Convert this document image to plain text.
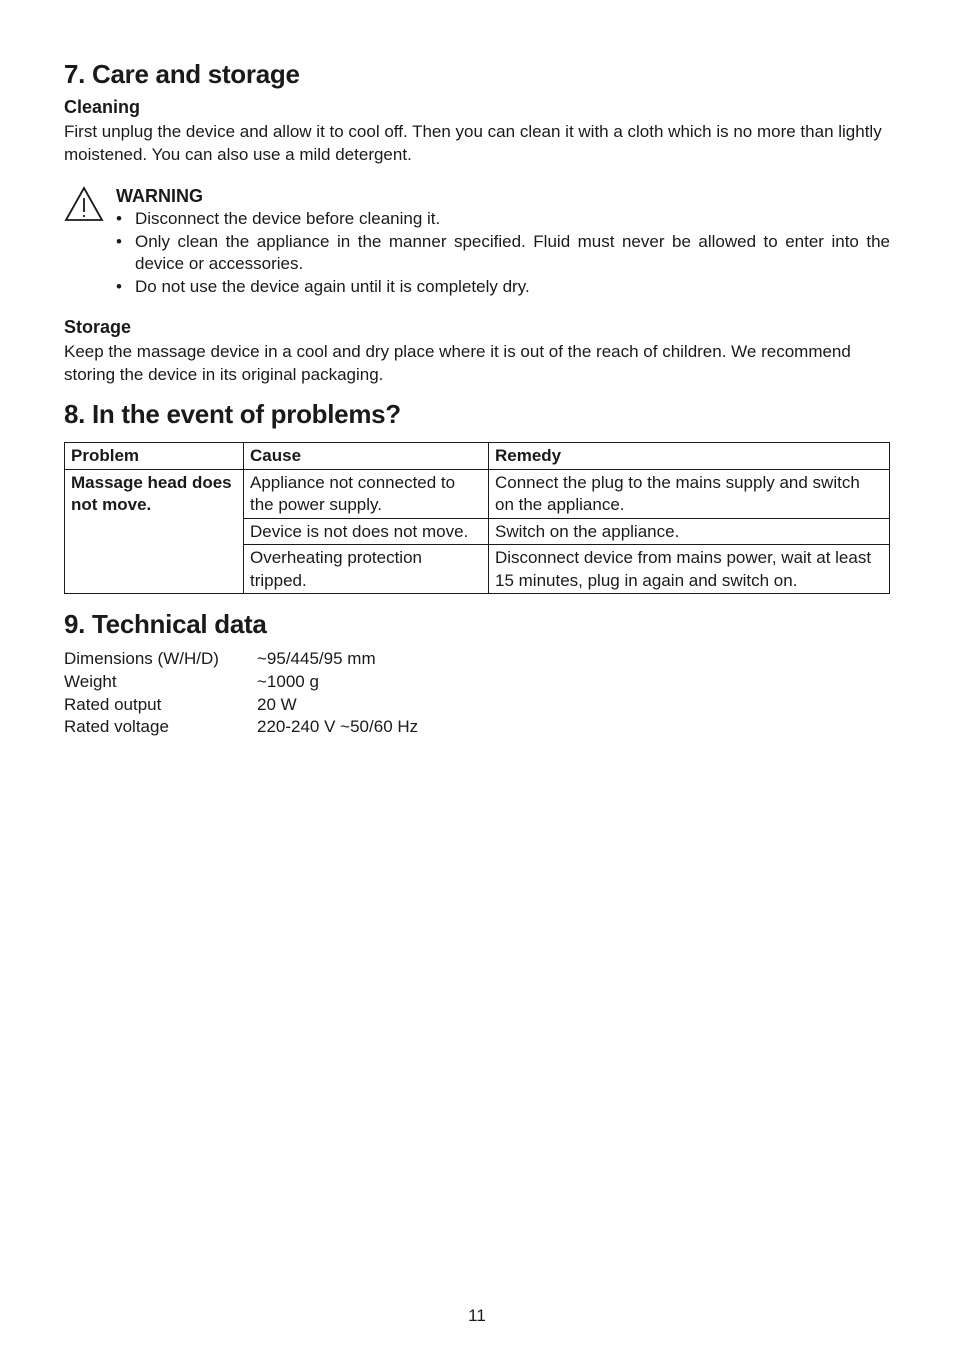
7. Care and storage
Cleaning

First unplug the device and allow it to cool off. Then you can clean it with a cloth which is no more than lightly moistened. You can also use a mild detergent.

WARNING
• Disconnect the device before cleaning it.
• Only clean the appliance in the manner specified. Fluid must never be allowed to enter into the device or accessories.
• Do not use the device again until it is completely dry.
Storage

Keep the massage device in a cool and dry place where it is out of the reach of children. We recommend storing the device in its original packaging.

8. In the event of problems?
Problem	Cause	Remedy
Massage head does not move.	Appliance not connected to the power supply.	Connect the plug to the mains supply and switch on the appliance.
	Device is not does not move.	Switch on the appliance.
	Overheating protection tripped.	Disconnect device from mains power, wait at least 15 minutes, plug in again and switch on.
9. Technical data
Dimensions (W/H/D)	~95/445/95 mm
Weight	~1000 g
Rated output	20 W
Rated voltage	220-240 V ~50/60 Hz
11
